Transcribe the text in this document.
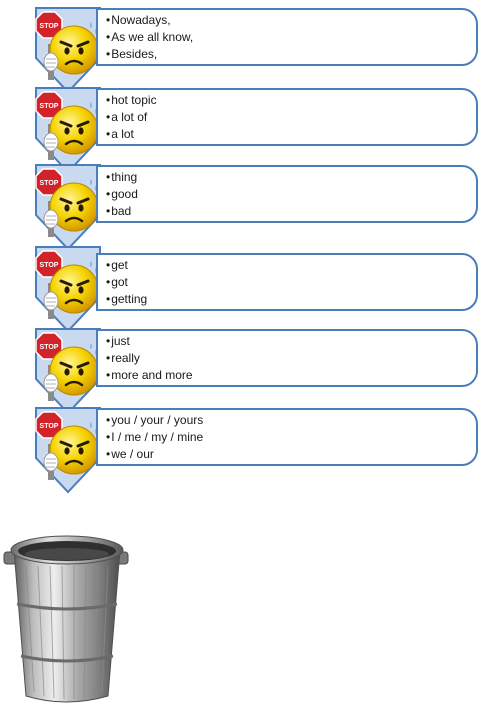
STOP	• Nowadays,
• As we all know,
• Besides,
STOP	• hot topic
• a lot of
• a lot
STOP	• thing
• good
• bad
STOP	• get
• got
• getting
STOP	• just
• really
• more and more
STOP	• you / your / yours
• I / me / my / mine
• we / our
